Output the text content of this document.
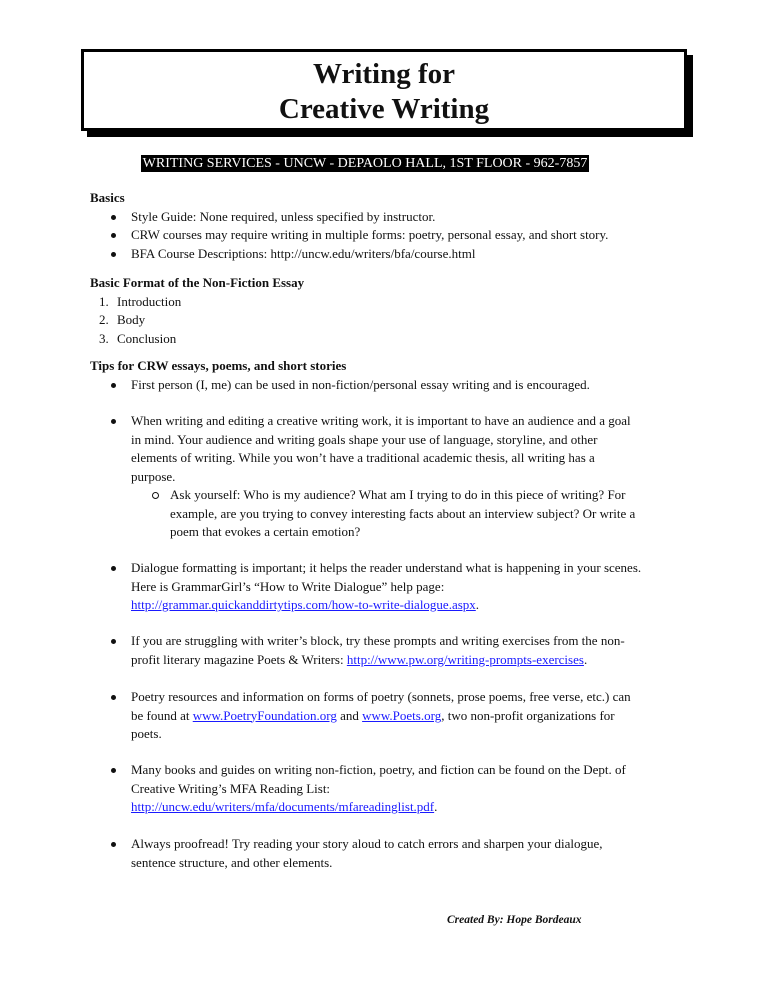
Writing for
Creative Writing
WRITING SERVICES - UNCW - DEPAOLO HALL, 1ST FLOOR - 962-7857
Basics
Style Guide: None required, unless specified by instructor.
CRW courses may require writing in multiple forms: poetry, personal essay, and short story.
BFA Course Descriptions: http://uncw.edu/writers/bfa/course.html
Basic Format of the Non-Fiction Essay
1. Introduction
2. Body
3. Conclusion
Tips for CRW essays, poems, and short stories
First person (I, me) can be used in non-fiction/personal essay writing and is encouraged.
When writing and editing a creative writing work, it is important to have an audience and a goal
in mind. Your audience and writing goals shape your use of language, storyline, and other
elements of writing. While you won’t have a traditional academic thesis, all writing has a
purpose.
Ask yourself: Who is my audience? What am I trying to do in this piece of writing? For
example, are you trying to convey interesting facts about an interview subject? Or write a
poem that evokes a certain emotion?
Dialogue formatting is important; it helps the reader understand what is happening in your scenes.
Here is GrammarGirl’s “How to Write Dialogue” help page:
http://grammar.quickanddirtytips.com/how-to-write-dialogue.aspx.
If you are struggling with writer’s block, try these prompts and writing exercises from the non-
profit literary magazine Poets & Writers: http://www.pw.org/writing-prompts-exercises.
Poetry resources and information on forms of poetry (sonnets, prose poems, free verse, etc.) can
be found at www.PoetryFoundation.org and www.Poets.org, two non-profit organizations for
poets.
Many books and guides on writing non-fiction, poetry, and fiction can be found on the Dept. of
Creative Writing’s MFA Reading List:
http://uncw.edu/writers/mfa/documents/mfareadinglist.pdf.
Always proofread! Try reading your story aloud to catch errors and sharpen your dialogue,
sentence structure, and other elements.
Created By: Hope Bordeaux
